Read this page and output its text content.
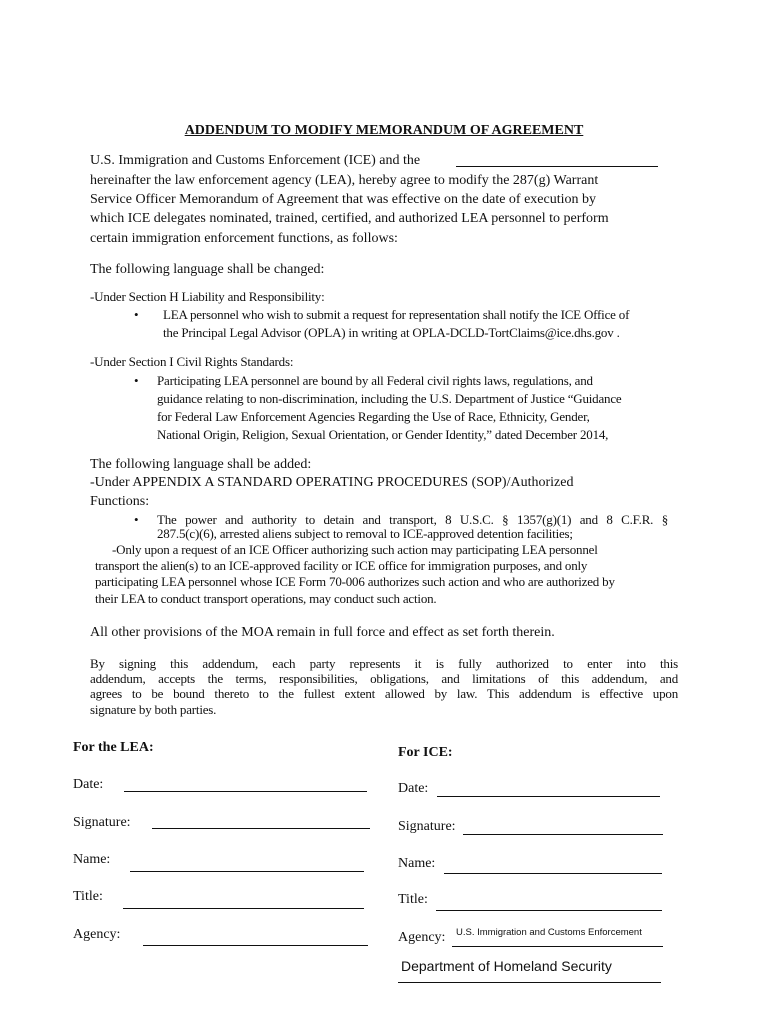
ADDENDUM TO MODIFY MEMORANDUM OF AGREEMENT
U.S. Immigration and Customs Enforcement (ICE) and the
hereinafter the law enforcement agency (LEA), hereby agree to modify the 287(g) Warrant
Service Officer Memorandum of Agreement that was effective on the date of execution by
which ICE delegates nominated, trained, certified, and authorized LEA personnel to perform
certain immigration enforcement functions, as follows:
The following language shall be changed:
-Under Section H Liability and Responsibility:
• LEA personnel who wish to submit a request for representation shall notify the ICE Office of
the Principal Legal Advisor (OPLA) in writing at OPLA-DCLD-TortClaims@ice.dhs.gov .
-Under Section I Civil Rights Standards:
• Participating LEA personnel are bound by all Federal civil rights laws, regulations, and
guidance relating to non-discrimination, including the U.S. Department of Justice “Guidance
for Federal Law Enforcement Agencies Regarding the Use of Race, Ethnicity, Gender,
National Origin, Religion, Sexual Orientation, or Gender Identity,” dated December 2014,
The following language shall be added:
-Under APPENDIX A STANDARD OPERATING PROCEDURES (SOP)/Authorized
Functions:
• The power and authority to detain and transport, 8 U.S.C. § 1357(g)(1) and 8 C.F.R. §
287.5(c)(6), arrested aliens subject to removal to ICE-approved detention facilities;
-Only upon a request of an ICE Officer authorizing such action may participating LEA personnel
transport the alien(s) to an ICE-approved facility or ICE office for immigration purposes, and only
participating LEA personnel whose ICE Form 70-006 authorizes such action and who are authorized by
their LEA to conduct transport operations, may conduct such action.
All other provisions of the MOA remain in full force and effect as set forth therein.
By signing this addendum, each party represents it is fully authorized to enter into this
addendum, accepts the terms, responsibilities, obligations, and limitations of this addendum, and
agrees to be bound thereto to the fullest extent allowed by law. This addendum is effective upon
signature by both parties.
For the LEA:
Date:
Signature:
Name:
Title:
Agency:
For ICE:
Date:
Signature:
Name:
Title:
Agency: U.S. Immigration and Customs Enforcement
Department of Homeland Security
